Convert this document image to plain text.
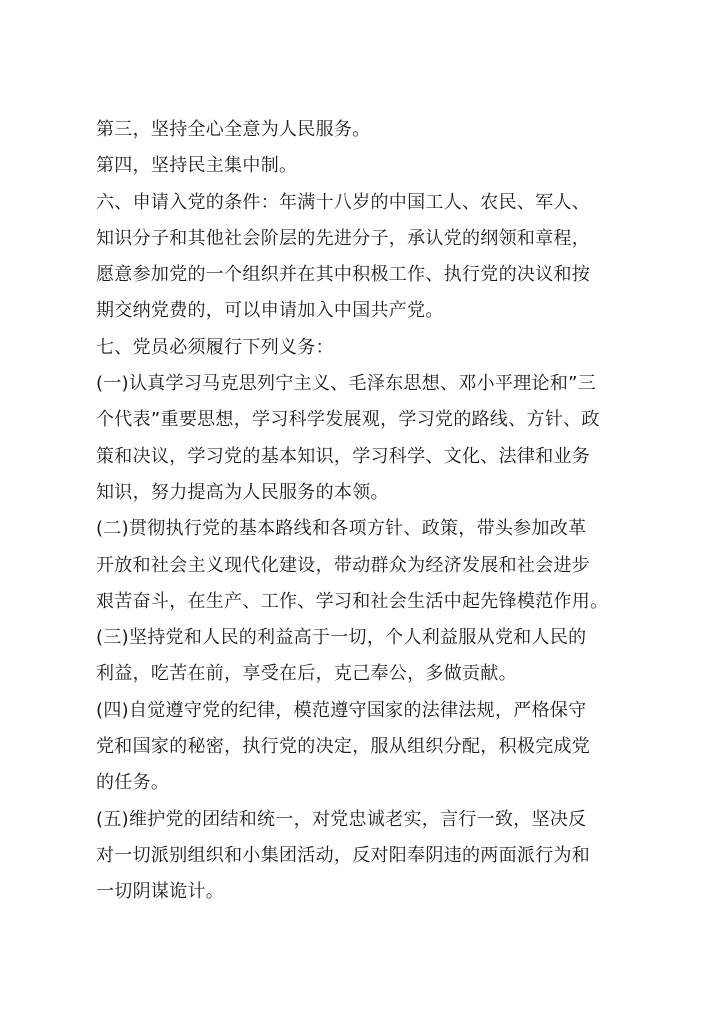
第三，坚持全心全意为人民服务。
第四，坚持民主集中制。
六、申请入党的条件：年满十八岁的中国工人、农民、军人、
知识分子和其他社会阶层的先进分子，承认党的纲领和章程，
愿意参加党的一个组织并在其中积极工作、执行党的决议和按
期交纳党费的，可以申请加入中国共产党。
七、党员必须履行下列义务：
(一)认真学习马克思列宁主义、毛泽东思想、邓小平理论和”三
个代表”重要思想，学习科学发展观，学习党的路线、方针、政
策和决议，学习党的基本知识，学习科学、文化、法律和业务
知识，努力提高为人民服务的本领。
(二)贯彻执行党的基本路线和各项方针、政策，带头参加改革
开放和社会主义现代化建设，带动群众为经济发展和社会进步
艰苦奋斗，在生产、工作、学习和社会生活中起先锋模范作用。
(三)坚持党和人民的利益高于一切，个人利益服从党和人民的
利益，吃苦在前，享受在后，克己奉公，多做贡献。
(四)自觉遵守党的纪律，模范遵守国家的法律法规，严格保守
党和国家的秘密，执行党的决定，服从组织分配，积极完成党
的任务。
(五)维护党的团结和统一，对党忠诚老实，言行一致，坚决反
对一切派别组织和小集团活动，反对阳奉阴违的两面派行为和
一切阴谋诡计。
